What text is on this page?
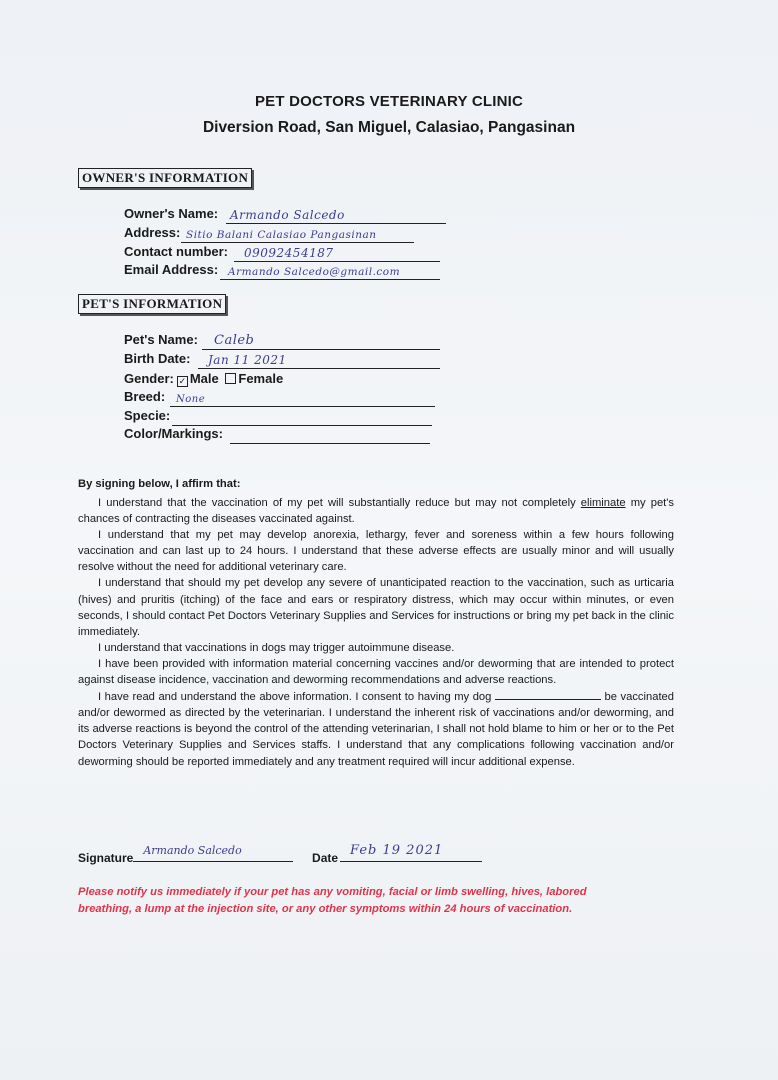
PET DOCTORS VETERINARY CLINIC
Diversion Road, San Miguel, Calasiao, Pangasinan
OWNER'S INFORMATION
Owner's Name: Armando Salcedo
Address: Sitio Balani Calasiao Pangasinan
Contact number: 09092454187
Email Address: Armando Salcedo@gmail.com
PET'S INFORMATION
Pet's Name: Caleb
Birth Date: Jan 11 2021
Gender: ✓ Male Female
Breed: None
Specie:
Color/Markings:
By signing below, I affirm that:

I understand that the vaccination of my pet will substantially reduce but may not completely eliminate my pet's chances of contracting the diseases vaccinated against.

I understand that my pet may develop anorexia, lethargy, fever and soreness within a few hours following vaccination and can last up to 24 hours. I understand that these adverse effects are usually minor and will usually resolve without the need for additional veterinary care.

I understand that should my pet develop any severe of unanticipated reaction to the vaccination, such as urticaria (hives) and pruritis (itching) of the face and ears or respiratory distress, which may occur within minutes, or even seconds, I should contact Pet Doctors Veterinary Supplies and Services for instructions or bring my pet back in the clinic immediately.

I understand that vaccinations in dogs may trigger autoimmune disease.

I have been provided with information material concerning vaccines and/or deworming that are intended to protect against disease incidence, vaccination and deworming recommendations and adverse reactions.

I have read and understand the above information. I consent to having my dog	be vaccinated and/or dewormed as directed by the veterinarian. I understand the inherent risk of vaccinations and/or deworming, and its adverse reactions is beyond the control of the attending veterinarian, I shall not hold blame to him or her or to the Pet Doctors Veterinary Supplies and Services staffs. I understand that any complications following vaccination and/or deworming should be reported immediately and any treatment required will incur additional expense.

Signature
Armando Salcedo
Date Feb 19 2021
Please notify us immediately if your pet has any vomiting, facial or limb swelling, hives, labored breathing, a lump at the injection site, or any other symptoms within 24 hours of vaccination.
